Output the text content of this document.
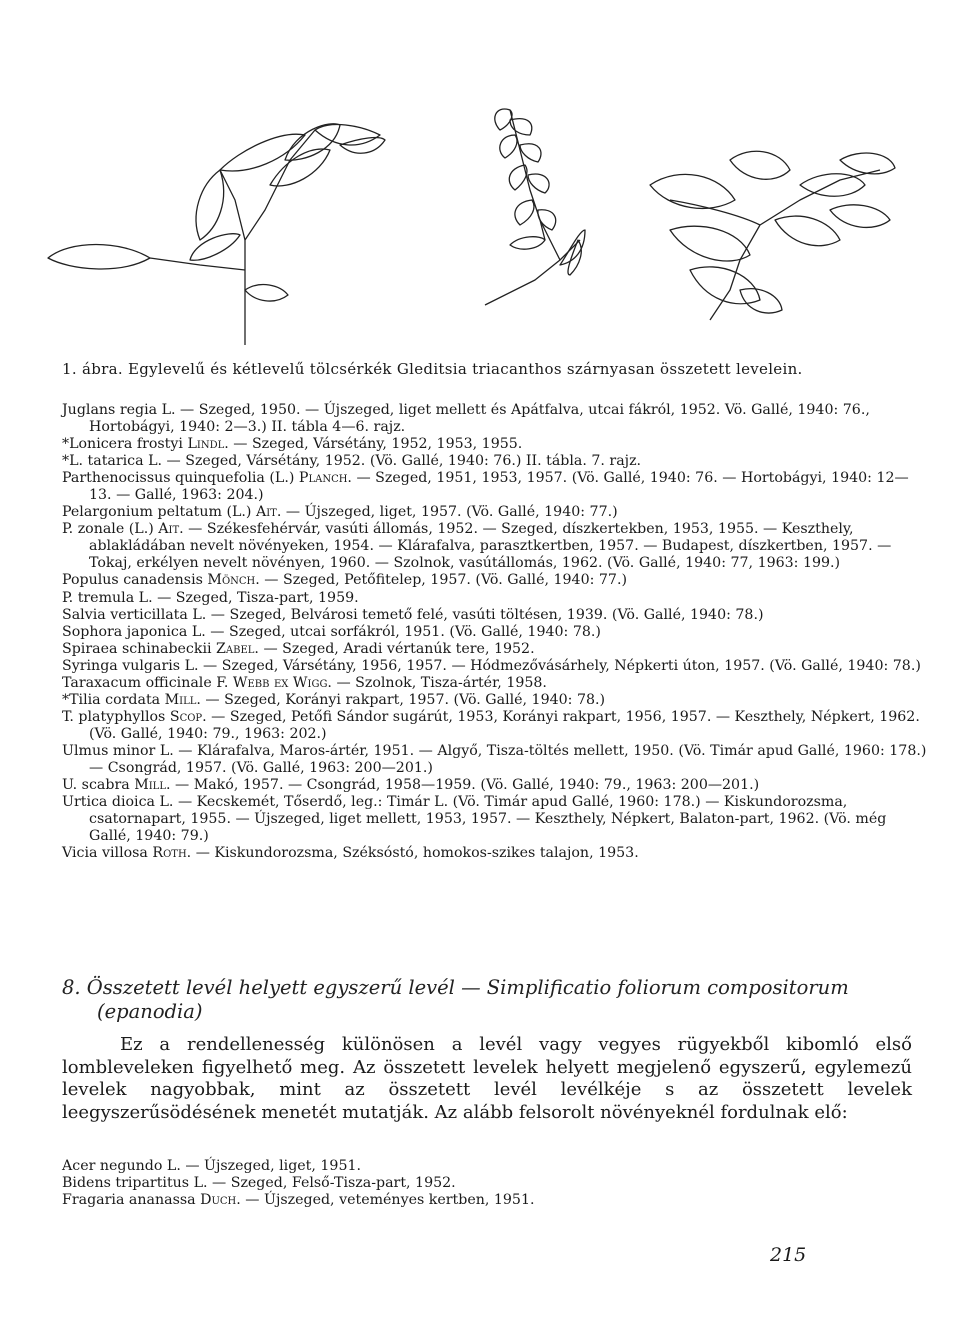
1. ábra. Egylevelű és kétlevelű tölcsérkék Gleditsia triacanthos szárnyasan összetett levelein.
Juglans regia L. — Szeged, 1950. — Újszeged, liget mellett és Apátfalva, utcai fákról, 1952. Vö. Gallé, 1940: 76., Hortobágyi, 1940: 2—3.) II. tábla 4—6. rajz.
*Lonicera frostyi Lindl. — Szeged, Vársétány, 1952, 1953, 1955.
*L. tatarica L. — Szeged, Vársétány, 1952. (Vö. Gallé, 1940: 76.) II. tábla. 7. rajz.
Parthenocissus quinquefolia (L.) Planch. — Szeged, 1951, 1953, 1957. (Vö. Gallé, 1940: 76. — Hortobágyi, 1940: 12—13. — Gallé, 1963: 204.)
Pelargonium peltatum (L.) Ait. — Újszeged, liget, 1957. (Vö. Gallé, 1940: 77.)
P. zonale (L.) Ait. — Székesfehérvár, vasúti állomás, 1952. — Szeged, díszkertekben, 1953, 1955. — Keszthely, ablakládában nevelt növényeken, 1954. — Klárafalva, parasztkertben, 1957. — Budapest, díszkertben, 1957. — Tokaj, erkélyen nevelt növényen, 1960. — Szolnok, vasútállomás, 1962. (Vö. Gallé, 1940: 77, 1963: 199.)
Populus canadensis Mönch. — Szeged, Petőfitelep, 1957. (Vö. Gallé, 1940: 77.)
P. tremula L. — Szeged, Tisza-part, 1959.
Salvia verticillata L. — Szeged, Belvárosi temető felé, vasúti töltésen, 1939. (Vö. Gallé, 1940: 78.)
Sophora japonica L. — Szeged, utcai sorfákról, 1951. (Vö. Gallé, 1940: 78.)
Spiraea schinabeckii Zabel. — Szeged, Aradi vértanúk tere, 1952.
Syringa vulgaris L. — Szeged, Vársétány, 1956, 1957. — Hódmezővásárhely, Népkerti úton, 1957. (Vö. Gallé, 1940: 78.)
Taraxacum officinale F. Webb ex Wigg. — Szolnok, Tisza-ártér, 1958.
*Tilia cordata Mill. — Szeged, Korányi rakpart, 1957. (Vö. Gallé, 1940: 78.)
T. platyphyllos Scop. — Szeged, Petőfi Sándor sugárút, 1953, Korányi rakpart, 1956, 1957. — Keszthely, Népkert, 1962. (Vö. Gallé, 1940: 79., 1963: 202.)
Ulmus minor L. — Klárafalva, Maros-ártér, 1951. — Algyő, Tisza-töltés mellett, 1950. (Vö. Timár apud Gallé, 1960: 178.) — Csongrád, 1957. (Vö. Gallé, 1963: 200—201.)
U. scabra Mill. — Makó, 1957. — Csongrád, 1958—1959. (Vö. Gallé, 1940: 79., 1963: 200—201.)
Urtica dioica L. — Kecskemét, Tőserdő, leg.: Timár L. (Vö. Timár apud Gallé, 1960: 178.) — Kiskundorozsma, csatornapart, 1955. — Újszeged, liget mellett, 1953, 1957. — Keszthely, Népkert, Balaton-part, 1962. (Vö. még Gallé, 1940: 79.)
Vicia villosa Roth. — Kiskundorozsma, Széksóstó, homokos-szikes talajon, 1953.
8. Összetett levél helyett egyszerű levél — Simplificatio foliorum compositorum (epanodia)
Ez a rendellenesség különösen a levél vagy vegyes rügyekből kibomló első lombleveleken figyelhető meg. Az összetett levelek helyett megjelenő egyszerű, egylemezű levelek nagyobbak, mint az összetett levél levélkéje s az összetett levelek leegyszerűsödésének menetét mutatják. Az alább felsorolt növényeknél fordulnak elő:
Acer negundo L. — Újszeged, liget, 1951.
Bidens tripartitus L. — Szeged, Felső-Tisza-part, 1952.
Fragaria ananassa Duch. — Újszeged, veteményes kertben, 1951.
215
